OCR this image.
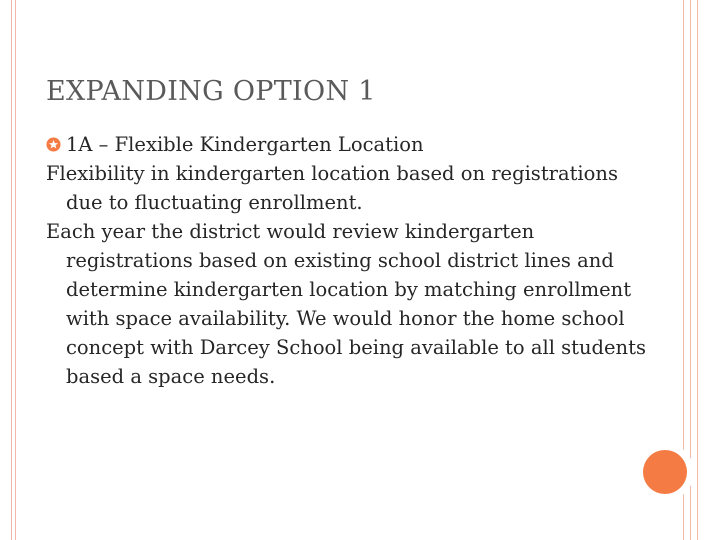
EXPANDING OPTION 1
1A – Flexible Kindergarten Location

Flexibility in kindergarten location based on registrations due to fluctuating enrollment.

Each year the district would review kindergarten registrations based on existing school district lines and determine kindergarten location by matching enrollment with space availability. We would honor the home school concept with Darcey School being available to all students based a space needs.
